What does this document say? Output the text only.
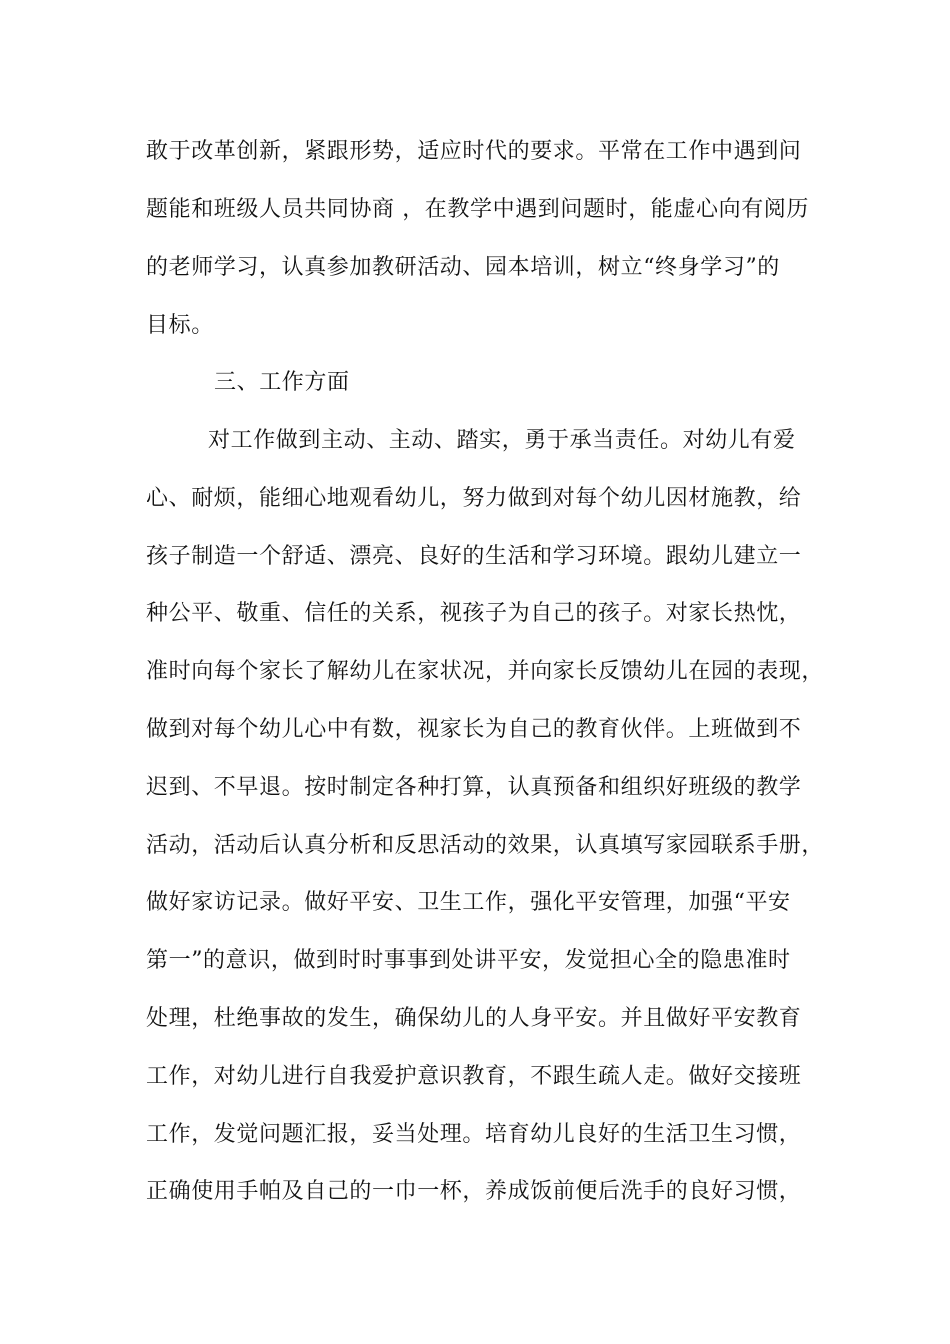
敢于改革创新，紧跟形势，适应时代的要求。平常在工作中遇到问
题能和班级人员共同协商 ，在教学中遇到问题时，能虚心向有阅历
的老师学习，认真参加教研活动、园本培训，树立“终身学习”的
目标。
三、工作方面
对工作做到主动、主动、踏实，勇于承当责任。对幼儿有爱
心、耐烦，能细心地观看幼儿，努力做到对每个幼儿因材施教，给
孩子制造一个舒适、漂亮、良好的生活和学习环境。跟幼儿建立一
种公平、敬重、信任的关系，视孩子为自己的孩子。对家长热忱，
准时向每个家长了解幼儿在家状况，并向家长反馈幼儿在园的表现，
做到对每个幼儿心中有数，视家长为自己的教育伙伴。上班做到不
迟到、不早退。按时制定各种打算，认真预备和组织好班级的教学
活动，活动后认真分析和反思活动的效果，认真填写家园联系手册，
做好家访记录。做好平安、卫生工作，强化平安管理，加强“平安
第一”的意识，做到时时事事到处讲平安，发觉担心全的隐患准时
处理，杜绝事故的发生，确保幼儿的人身平安。并且做好平安教育
工作，对幼儿进行自我爱护意识教育，不跟生疏人走。做好交接班
工作，发觉问题汇报，妥当处理。培育幼儿良好的生活卫生习惯，
正确使用手帕及自己的一巾一杯，养成饭前便后洗手的良好习惯，
